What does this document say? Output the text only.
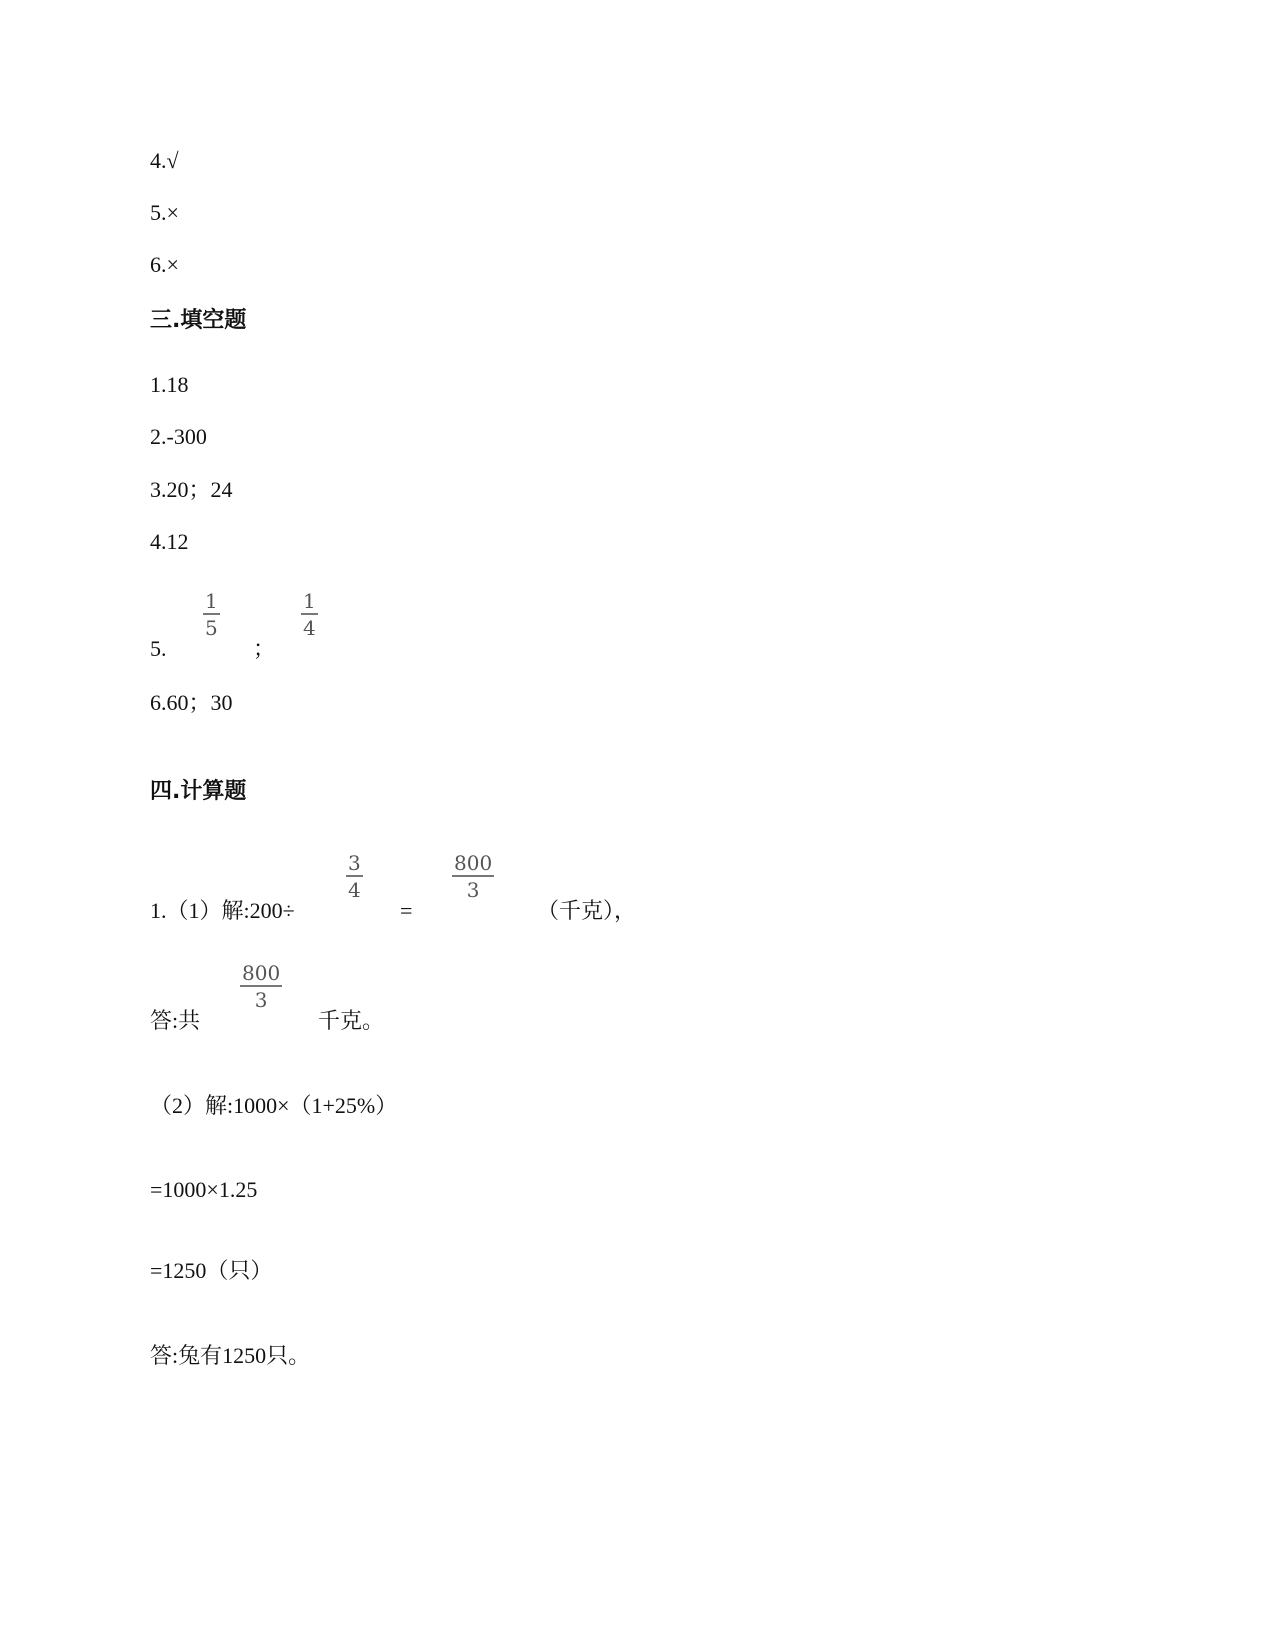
4.√
5.×
6.×
三.填空题
1.18
2.-300
3.20；24
4.12
5.
1
5
；
1
4
6.60；30
四.计算题
1.（1）解:200÷
3
4
=
800
3
（千克），
答:共
800
3
千克。
（2）解:1000×（1+25%）
=1000×1.25
=1250（只）
答:兔有1250只。
